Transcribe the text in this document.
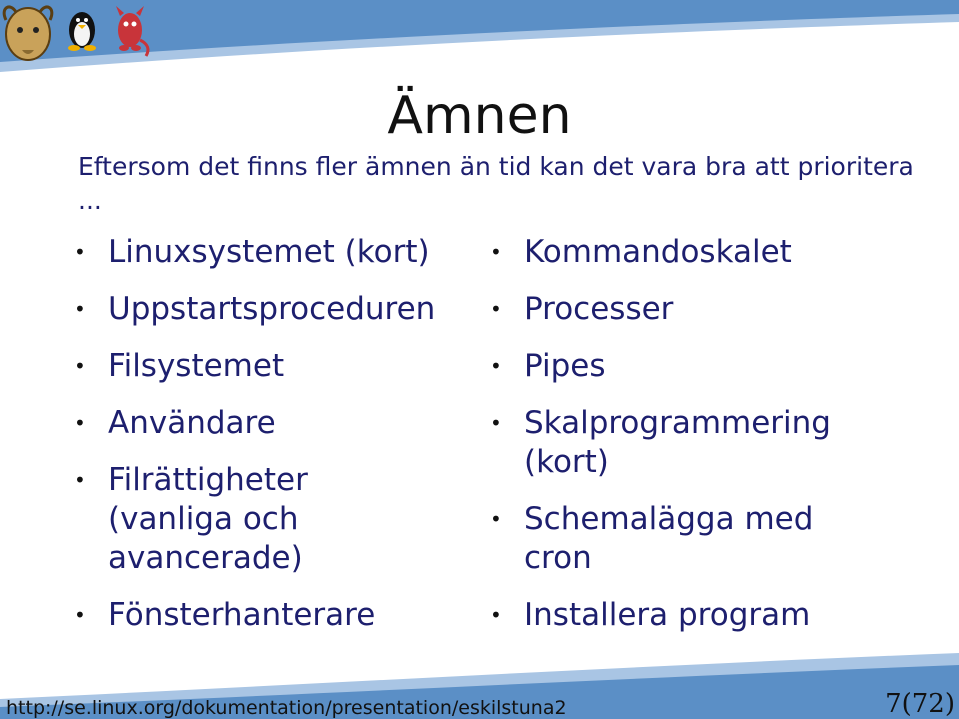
Ämnen
Eftersom det finns fler ämnen än tid kan det vara bra att prioritera ...
• Linuxsystemet (kort)
• Uppstartsproceduren
• Filsystemet
• Användare
• Filrättigheter (vanliga och avancerade)
• Fönsterhanterare
• Kommandoskalet
• Processer
• Pipes
• Skalprogrammering (kort)
• Schemalägga med cron
• Installera program
http://se.linux.org/dokumentation/presentation/eskilstuna2	7(72)
